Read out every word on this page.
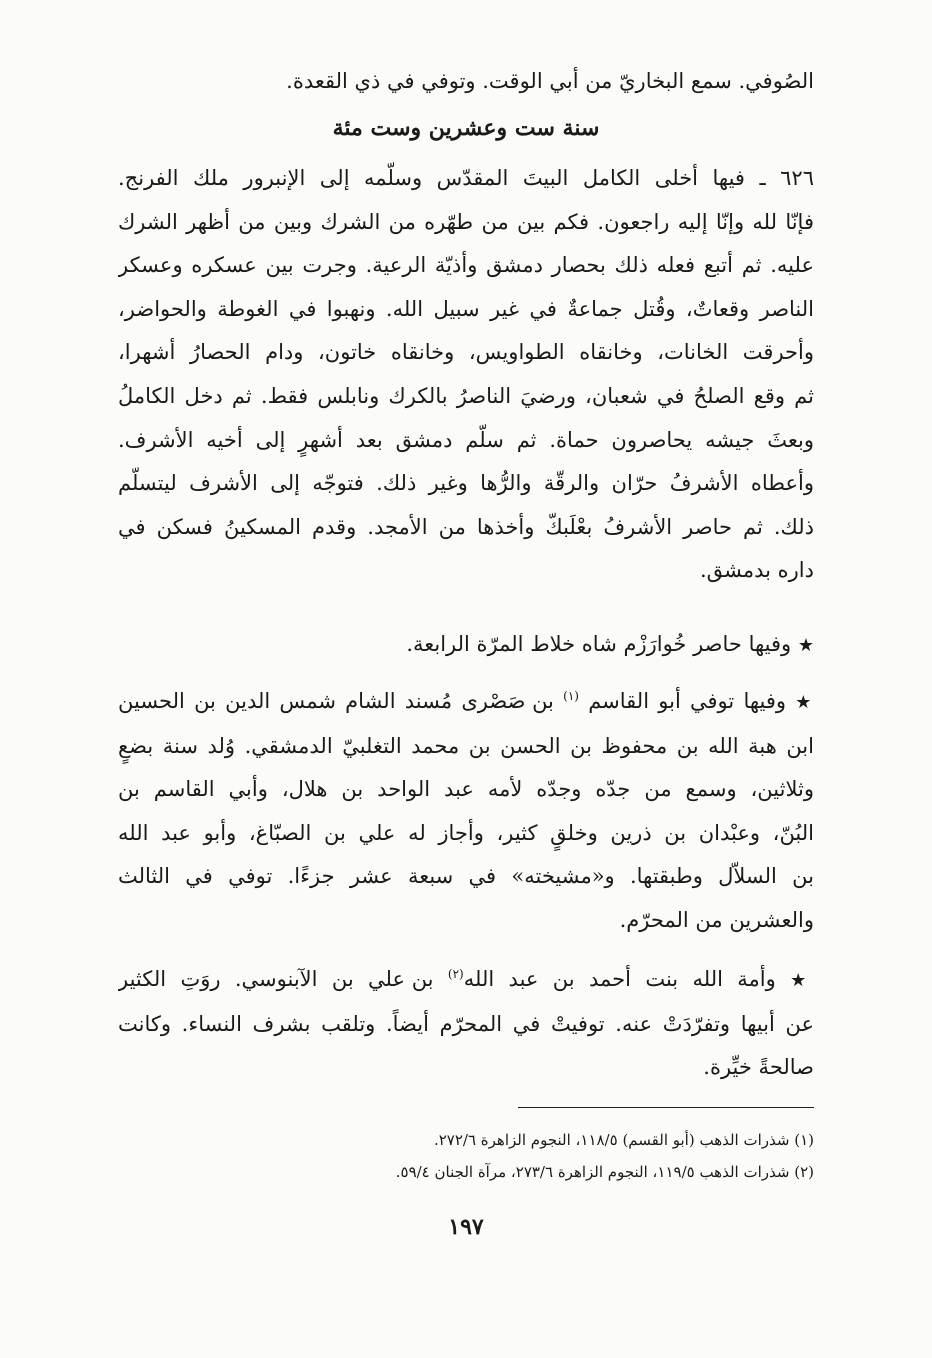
الصُوفي. سمع البخاريّ من أبي الوقت. وتوفي في ذي القعدة.
سنة ست وعشرين وست مئة
٦٢٦ ـ فيها أخلى الكامل البيتَ المقدّس وسلّمه إلى الإنبرور ملك الفرنج.
فإنّا لله وإنّا إليه راجعون. فكم بين من طهّره من الشرك وبين من أظهر الشرك
عليه. ثم أتبع فعله ذلك بحصار دمشق وأذيّة الرعية. وجرت بين عسكره وعسكر
الناصر وقعاتٌ، وقُتل جماعةٌ في غير سبيل الله. ونهبوا في الغوطة والحواضر،
وأحرقت الخانات، وخانقاه الطواويس، وخانقاه خاتون، ودام الحصارُ أشهرا،
ثم وقع الصلحُ في شعبان، ورضيَ الناصرُ بالكرك ونابلس فقط. ثم دخل الكاملُ
وبعثَ جيشه يحاصرون حماة. ثم سلّم دمشق بعد أشهرٍ إلى أخيه الأشرف.
وأعطاه الأشرفُ حرّان والرقّة والرُّها وغير ذلك. فتوجّه إلى الأشرف ليتسلّم
ذلك. ثم حاصر الأشرفُ بعْلَبكّ وأخذها من الأمجد. وقدم المسكينُ فسكن في
داره بدمشق.
★ وفيها حاصر خُوارَزْم شاه خلاط المرّة الرابعة.
★ وفيها توفي أبو القاسم $^{(١)}$ بن صَصْرى مُسند الشام شمس الدين بن الحسين
ابن هبة الله بن محفوظ بن الحسن بن محمد التغلبيّ الدمشقي. وُلد سنة بضعٍ
وثلاثين، وسمع من جدّه وجدّه لأمه عبد الواحد بن هلال، وأبي القاسم بن
البُنّ، وعبْدان بن ذرين وخلقٍ كثير، وأجاز له علي بن الصبّاغ، وأبو عبد الله
بن السلاّل وطبقتها. و«مشيخته» في سبعة عشر جزءًا. توفي في الثالث
والعشرين من المحرّم.
★ وأمة الله بنت أحمد بن عبد الله$^{(٢)}$ بن علي بن الآبنوسي. روَتِ الكثير
عن أبيها وتفرّدَتْ عنه. توفيتْ في المحرّم أيضاً. وتلقب بشرف النساء. وكانت
صالحةً خيِّرة.
(١) شذرات الذهب (أبو القسم) ١١٨/٥، النجوم الزاهرة ٢٧٢/٦.
(٢) شذرات الذهب ١١٩/٥، النجوم الزاهرة ٢٧٣/٦، مرآة الجنان ٥٩/٤.
١٩٧
